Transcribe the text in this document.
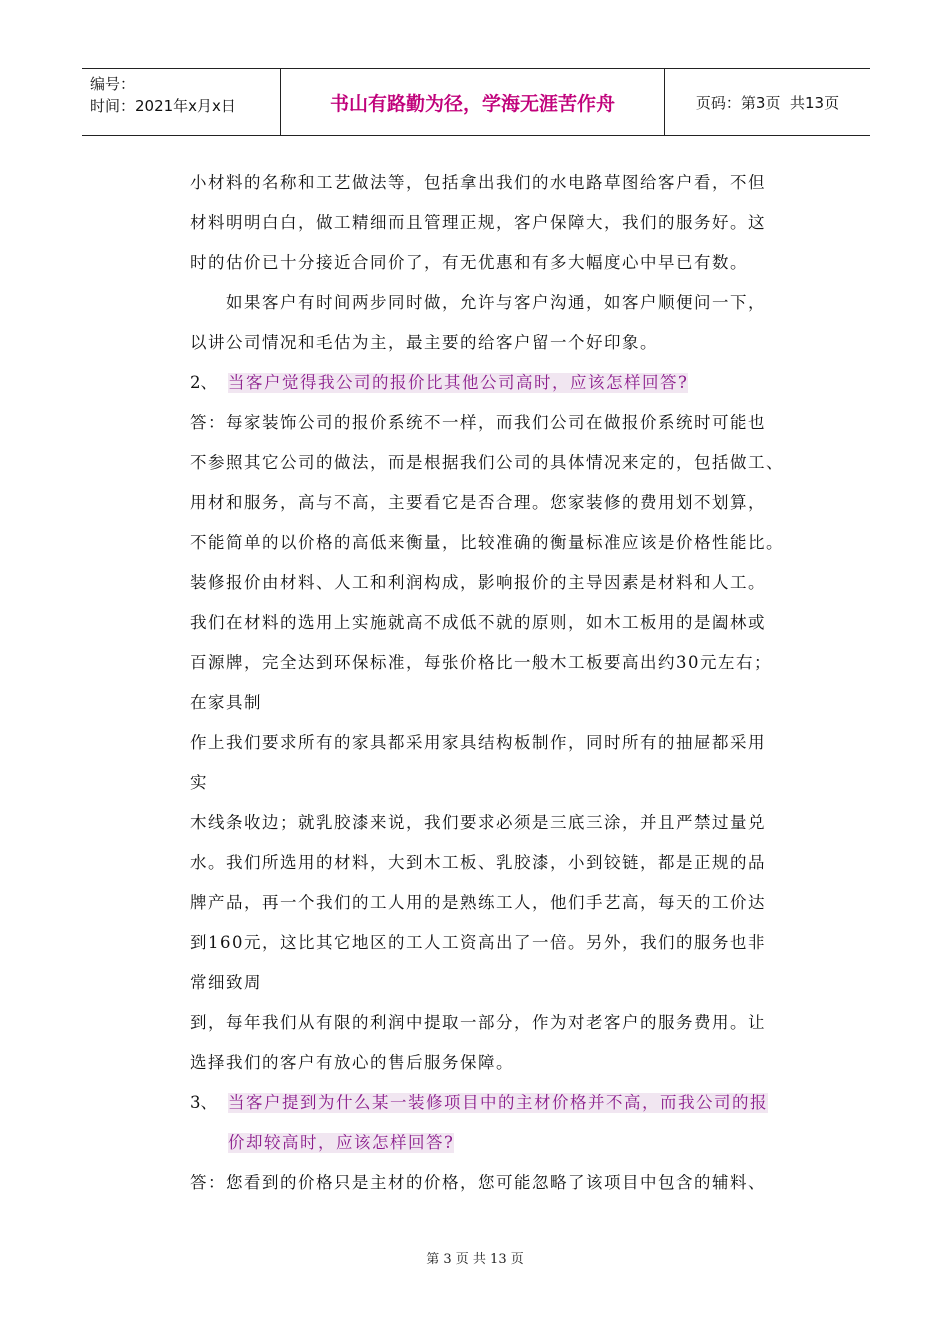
编号：
时间：2021年x月x日	书山有路勤为径，学海无涯苦作舟	页码：第3页  共13页
小材料的名称和工艺做法等，包括拿出我们的水电路草图给客户看，不但
材料明明白白，做工精细而且管理正规，客户保障大，我们的服务好。这
时的估价已十分接近合同价了，有无优惠和有多大幅度心中早已有数。
如果客户有时间两步同时做，允许与客户沟通，如客户顺便问一下，
以讲公司情况和毛估为主，最主要的给客户留一个好印象。
2、 当客户觉得我公司的报价比其他公司高时，应该怎样回答?
答：每家装饰公司的报价系统不一样，而我们公司在做报价系统时可能也
不参照其它公司的做法，而是根据我们公司的具体情况来定的，包括做工、
用材和服务，高与不高，主要看它是否合理。您家装修的费用划不划算，
不能简单的以价格的高低来衡量，比较准确的衡量标准应该是价格性能比。
装修报价由材料、人工和利润构成，影响报价的主导因素是材料和人工。
我们在材料的选用上实施就高不成低不就的原则，如木工板用的是阖林或
百源牌，完全达到环保标准，每张价格比一般木工板要高出约30元左右；
在家具制
作上我们要求所有的家具都采用家具结构板制作，同时所有的抽屉都采用
实
木线条收边；就乳胶漆来说，我们要求必须是三底三涂，并且严禁过量兑
水。我们所选用的材料，大到木工板、乳胶漆，小到铰链，都是正规的品
牌产品，再一个我们的工人用的是熟练工人，他们手艺高，每天的工价达
到160元，这比其它地区的工人工资高出了一倍。另外，我们的服务也非
常细致周
到，每年我们从有限的利润中提取一部分，作为对老客户的服务费用。让
选择我们的客户有放心的售后服务保障。
3、 当客户提到为什么某一装修项目中的主材价格并不高，而我公司的报
价却较高时，应该怎样回答?
答：您看到的价格只是主材的价格，您可能忽略了该项目中包含的辅料、
第 3 页 共 13 页
